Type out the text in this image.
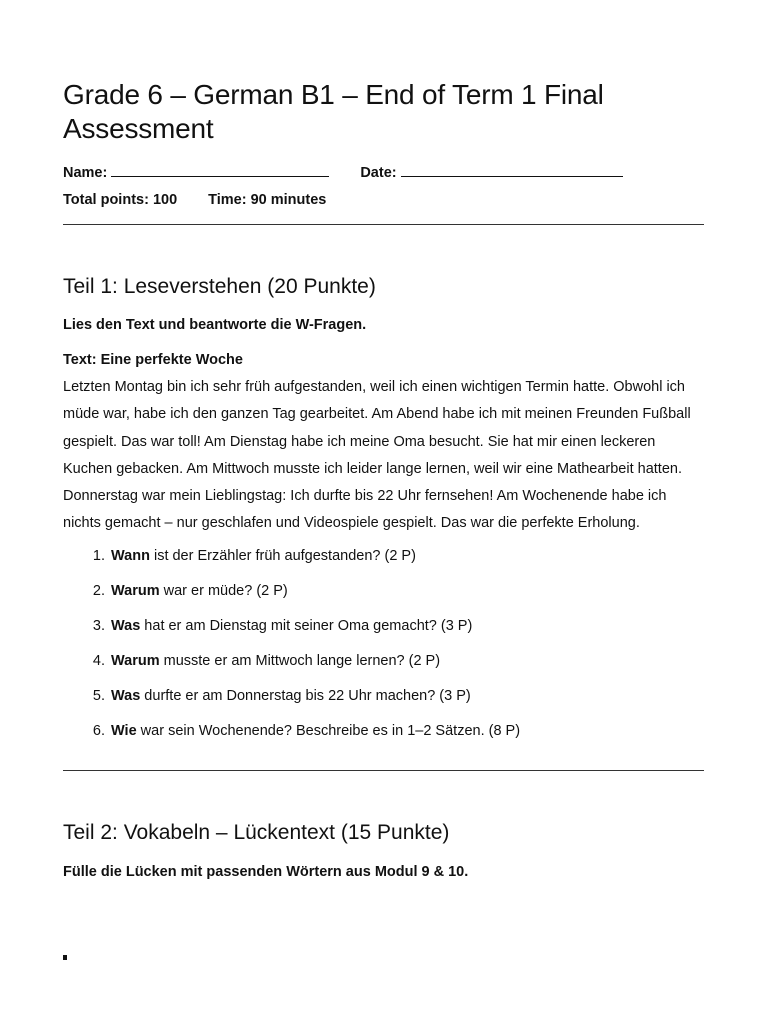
Grade 6 – German B1 – End of Term 1 Final Assessment
Name:	Date:
Total points: 100 Time: 90 minutes
Teil 1: Leseverstehen (20 Punkte)
Lies den Text und beantworte die W-Fragen.
Text: Eine perfekte Woche
Letzten Montag bin ich sehr früh aufgestanden, weil ich einen wichtigen Termin hatte. Obwohl ich müde war, habe ich den ganzen Tag gearbeitet. Am Abend habe ich mit meinen Freunden Fußball gespielt. Das war toll! Am Dienstag habe ich meine Oma besucht. Sie hat mir einen leckeren Kuchen gebacken. Am Mittwoch musste ich leider lange lernen, weil wir eine Mathearbeit hatten. Donnerstag war mein Lieblingstag: Ich durfte bis 22 Uhr fernsehen! Am Wochenende habe ich nichts gemacht – nur geschlafen und Videospiele gespielt. Das war die perfekte Erholung.
1. Wann ist der Erzähler früh aufgestanden? (2 P)
2. Warum war er müde? (2 P)
3. Was hat er am Dienstag mit seiner Oma gemacht? (3 P)
4. Warum musste er am Mittwoch lange lernen? (2 P)
5. Was durfte er am Donnerstag bis 22 Uhr machen? (3 P)
6. Wie war sein Wochenende? Beschreibe es in 1–2 Sätzen. (8 P)
Teil 2: Vokabeln – Lückentext (15 Punkte)
Fülle die Lücken mit passenden Wörtern aus Modul 9 & 10.
